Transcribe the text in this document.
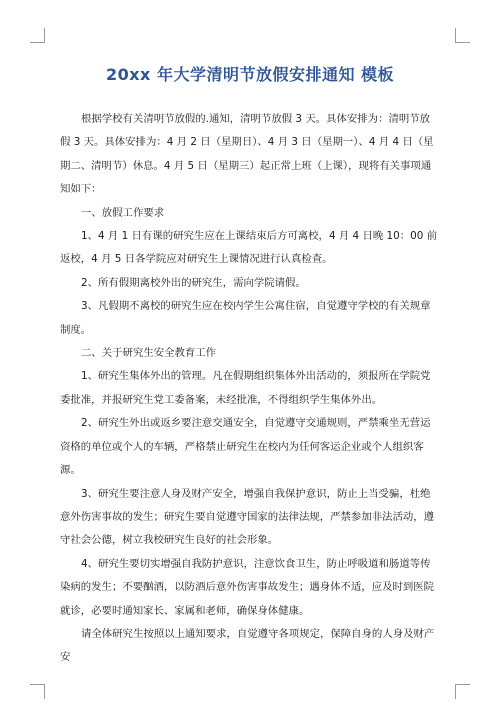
20xx 年大学清明节放假安排通知 模板

根据学校有关清明节放假的.通知，清明节放假 3 天。具体安排为：清明节放假 3 天。具体安排为：4 月 2 日（星期日）、4 月 3 日（星期一）、4 月 4 日（星期二、清明节）休息。4 月 5 日（星期三）起正常上班（上课），现将有关事项通知如下：

一、放假工作要求

1、4 月 1 日有课的研究生应在上课结束后方可离校，4 月 4 日晚 10：00 前返校，4 月 5 日各学院应对研究生上课情况进行认真检查。

2、所有假期离校外出的研究生，需向学院请假。

3、凡假期不离校的研究生应在校内学生公寓住宿，自觉遵守学校的有关规章制度。

二、关于研究生安全教育工作

1、研究生集体外出的管理。凡在假期组织集体外出活动的，须报所在学院党委批准，并报研究生党工委备案，未经批准，不得组织学生集体外出。

2、研究生外出或返乡要注意交通安全，自觉遵守交通规则，严禁乘坐无营运资格的单位或个人的车辆，严格禁止研究生在校内为任何客运企业或个人组织客源。

3、研究生要注意人身及财产安全，增强自我保护意识，防止上当受骗，杜绝意外伤害事故的发生；研究生要自觉遵守国家的法律法规，严禁参加非法活动，遵守社会公德，树立我校研究生良好的社会形象。

4、研究生要切实增强自我防护意识，注意饮食卫生，防止呼吸道和肠道等传染病的发生；不要酗酒，以防酒后意外伤害事故发生；遇身体不适，应及时到医院就诊，必要时通知家长、家属和老师，确保身体健康。

请全体研究生按照以上通知要求，自觉遵守各项规定，保障自身的人身及财产安
